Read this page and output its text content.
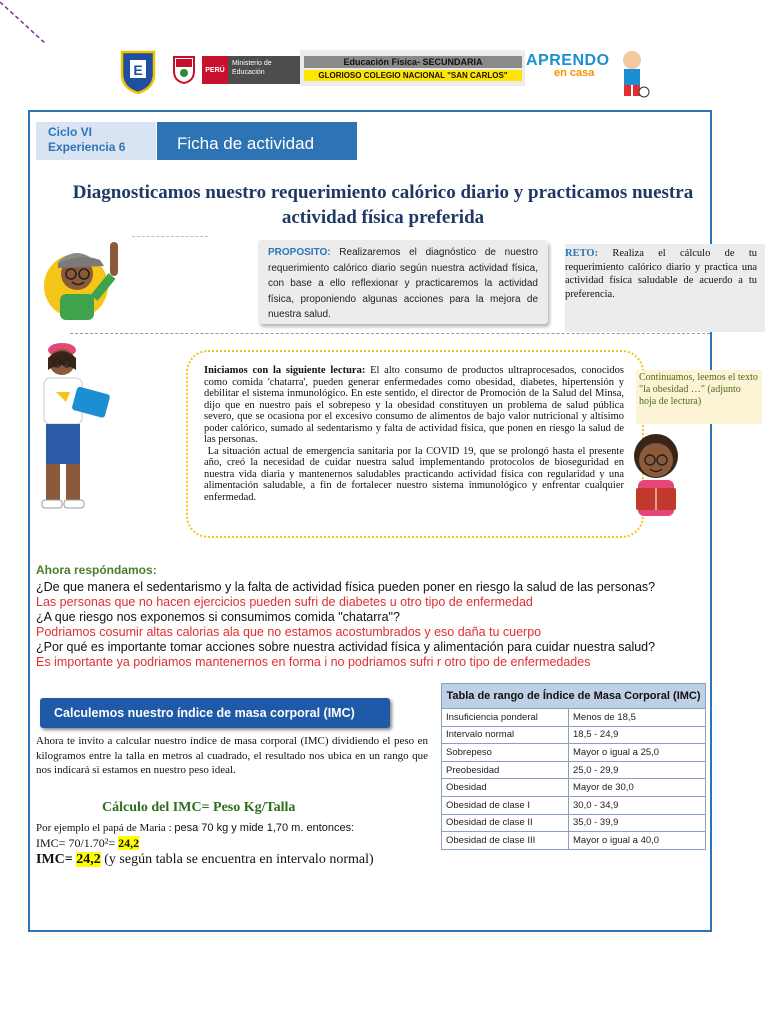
E	PERÚ
Ministerio de Educación
Educación Física- SECUNDARIA
GLORIOSO COLEGIO NACIONAL "SAN CARLOS"
APRENDO
en casa
Ciclo VI
Experiencia 6	Ficha de actividad
Diagnosticamos nuestro requerimiento calórico diario y practicamos nuestra actividad física preferida
PROPOSITO: Realizaremos el diagnóstico de nuestro requerimiento calórico diario según nuestra actividad física, con base a ello reflexionar y practicaremos la actividad física, proponiendo algunas acciones para la mejora de nuestra salud.
RETO: Realiza el cálculo de tu requerimiento calórico diario y practica una actividad física saludable de acuerdo a tu preferencia.
Iniciamos con la siguiente lectura: El alto consumo de productos ultraprocesados, conocidos como comida 'chatarra', pueden generar enfermedades como obesidad, diabetes, hipertensión y debilitar el sistema inmunológico. En este sentido, el director de Promoción de la Salud del Minsa, dijo que en nuestro país el sobrepeso y la obesidad constituyen un problema de salud pública severo, que se ocasiona por el excesivo consumo de alimentos de bajo valor nutricional y altísimo poder calórico, sumado al sedentarismo y falta de actividad física, que ponen en riesgo la salud de las personas.
La situación actual de emergencia sanitaria por la COVID 19, que se prolongó hasta el presente año, creó la necesidad de cuidar nuestra salud implementando protocolos de bioseguridad en nuestra vida diaria y mantenernos saludables practicando actividad física con regularidad y una alimentación saludable, a fin de fortalecer nuestro sistema inmunológico y enfrentar cualquier enfermedad.
Continuamos, leemos el texto "la obesidad …" (adjunto hoja de lectura)
Ahora respóndamos:
¿De que manera el sedentarismo y la falta de actividad física pueden poner en riesgo la salud de las personas?
Las personas que no hacen ejercicios pueden sufri de diabetes u otro tipo de enfermedad
¿A que riesgo nos exponemos si consumimos comida "chatarra"?
Podriamos cosumir altas calorias ala que no estamos acostumbrados y eso daña tu cuerpo
¿Por qué es importante tomar acciones sobre nuestra actividad física y alimentación para cuidar nuestra salud?
Es importante ya podriamos mantenernos en forma i no podriamos sufri r otro tipo de enfermedades
Tabla de rango de Índice de Masa Corporal (IMC)	
Insuficiencia ponderal	Menos de 18,5
Intervalo normal	18,5 - 24,9
Sobrepeso	Mayor o igual a 25,0
Preobesidad	25,0 - 29,9
Obesidad	Mayor de 30,0
Obesidad de clase I	30,0 - 34,9
Obesidad de clase II	35,0 - 39,9
Obesidad de clase III	Mayor o igual a 40,0
Calculemos nuestro índice de masa corporal (IMC)
Ahora te invito a calcular nuestro índice de masa corporal (IMC) dividiendo el peso en kilogramos entre la talla en metros al cuadrado, el resultado nos ubica en un rango que nos indicará si estamos en nuestro peso ideal.
Cálculo del IMC= Peso Kg/Talla
Por ejemplo el papá de Maria : pesa 70 kg y mide 1,70 m. entonces:
IMC= 70/1.70²= 24,2
IMC= 24,2 (y según tabla se encuentra en intervalo normal)
